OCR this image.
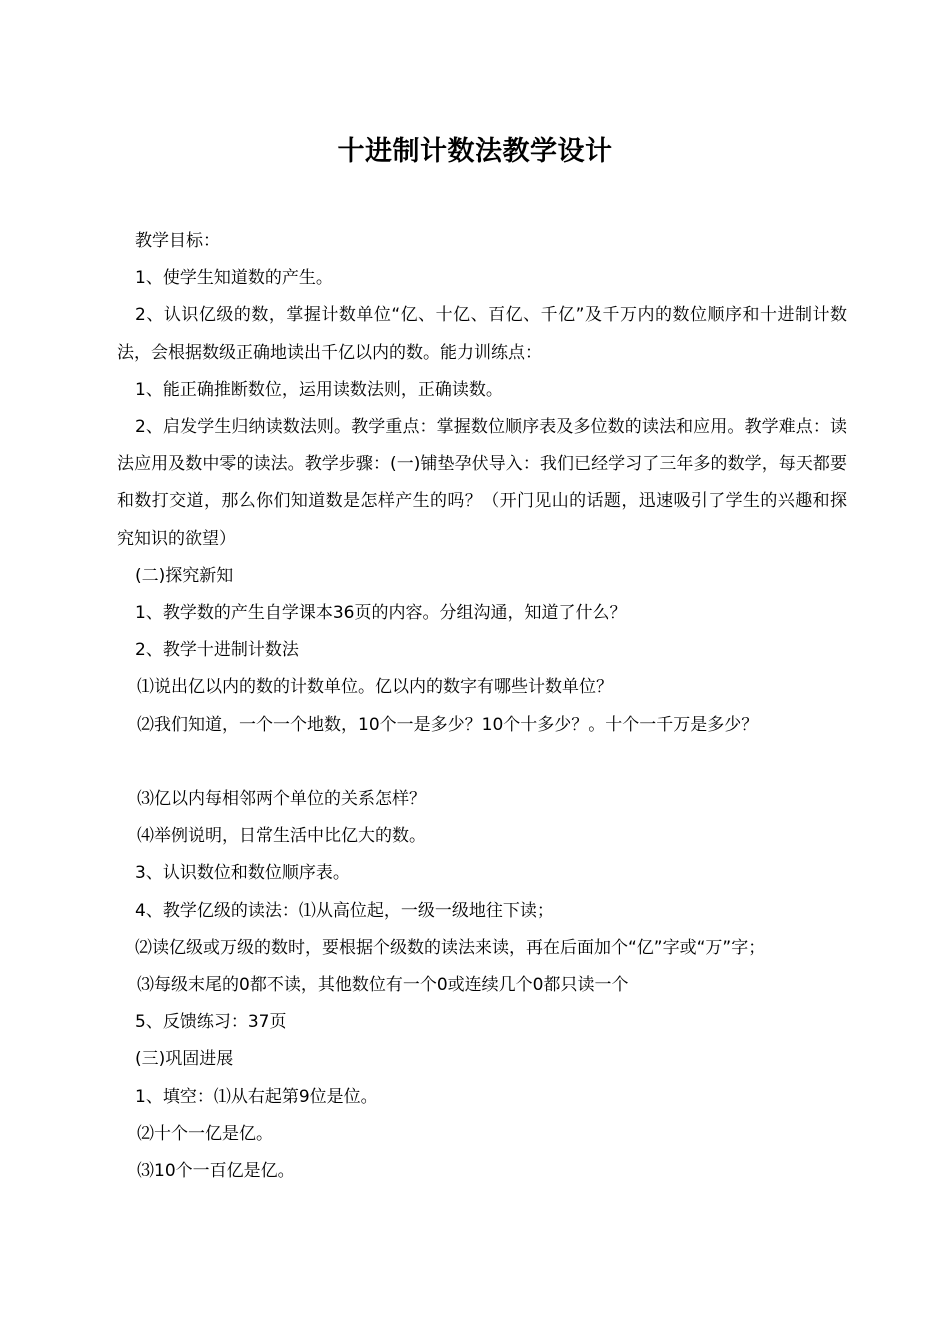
十进制计数法教学设计

教学目标：

1、使学生知道数的产生。

2、认识亿级的数，掌握计数单位“亿、十亿、百亿、千亿”及千万内的数位顺序和十进制计数法，会根据数级正确地读出千亿以内的数。能力训练点：

1、能正确推断数位，运用读数法则，正确读数。

2、启发学生归纳读数法则。教学重点：掌握数位顺序表及多位数的读法和应用。教学难点：读法应用及数中零的读法。教学步骤：(一)铺垫孕伏导入：我们已经学习了三年多的数学，每天都要和数打交道，那么你们知道数是怎样产生的吗？（开门见山的话题，迅速吸引了学生的兴趣和探究知识的欲望）

(二)探究新知

1、教学数的产生自学课本36页的内容。分组沟通，知道了什么？

2、教学十进制计数法

⑴说出亿以内的数的计数单位。亿以内的数字有哪些计数单位？

⑵我们知道，一个一个地数，10个一是多少？10个十多少？。十个一千万是多少？

⑶亿以内每相邻两个单位的关系怎样？

⑷举例说明，日常生活中比亿大的数。

3、认识数位和数位顺序表。

4、教学亿级的读法：⑴从高位起，一级一级地往下读；

⑵读亿级或万级的数时，要根据个级数的读法来读，再在后面加个“亿”字或“万”字；

⑶每级末尾的0都不读，其他数位有一个0或连续几个0都只读一个

5、反馈练习：37页

(三)巩固进展

1、填空：⑴从右起第9位是位。

⑵十个一亿是亿。

⑶10个一百亿是亿。
